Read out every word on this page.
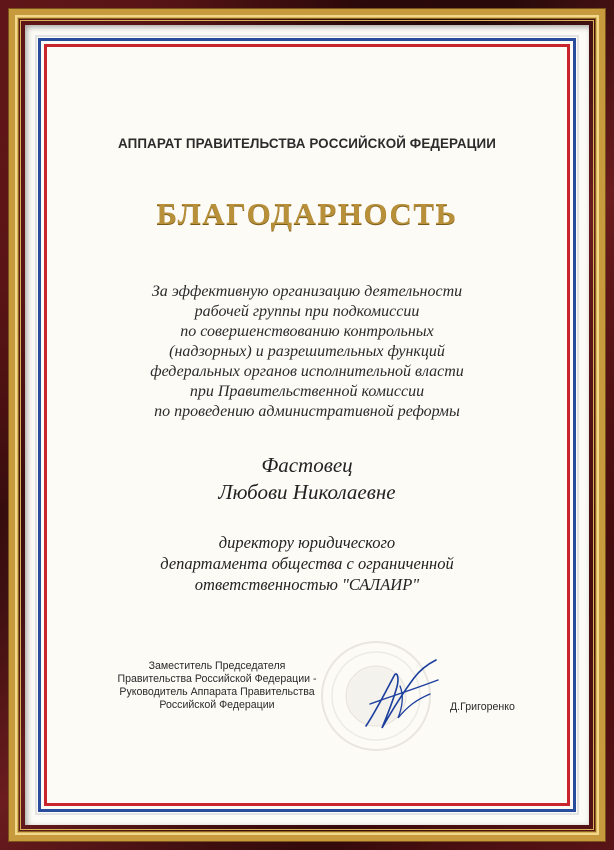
АППАРАТ ПРАВИТЕЛЬСТВА РОССИЙСКОЙ ФЕДЕРАЦИИ
БЛАГОДАРНОСТЬ
За эффективную организацию деятельности
рабочей группы при подкомиссии
по совершенствованию контрольных
(надзорных) и разрешительных функций
федеральных органов исполнительной власти
при Правительственной комиссии
по проведению административной реформы
Фастовец
Любови Николаевне
директору юридического
департамента общества с ограниченной
ответственностью "САЛАИР"
Заместитель Председателя
Правительства Российской Федерации -
Руководитель Аппарата Правительства
Российской Федерации	Д.Григоренко
